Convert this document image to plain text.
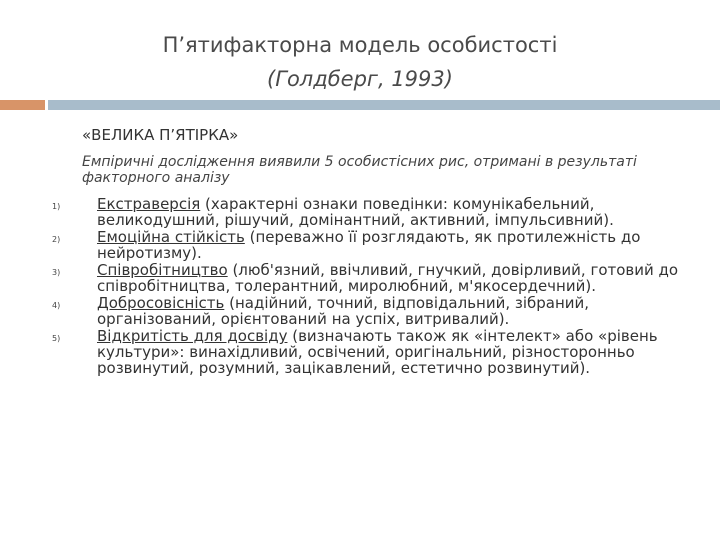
П’ятифакторна модель особистості
(Голдберг, 1993)
«ВЕЛИКА П’ЯТІРКА»
Емпіричні дослідження виявили 5 особистісних рис, отримані в результаті факторного аналізу
1) Екстраверсія (характерні ознаки поведінки: комунікабельний, великодушний, рішучий, домінантний, активний, імпульсивний).
2) Емоційна стійкість (переважно її розглядають, як протилежність до нейротизму).
3) Співробітництво (люб'язний, ввічливий, гнучкий, довірливий, готовий до співробітництва, толерантний, миролюбний, м'якосердечний).
4) Добросовісність (надійний, точний, відповідальний, зібраний, організований, орієнтований на успіх, витривалий).
5) Відкритість для досвіду (визначають також як «інтелект» або «рівень культури»: винахідливий, освічений, оригінальний, різносторонньо розвинутий, розумний, зацікавлений, естетично розвинутий).
